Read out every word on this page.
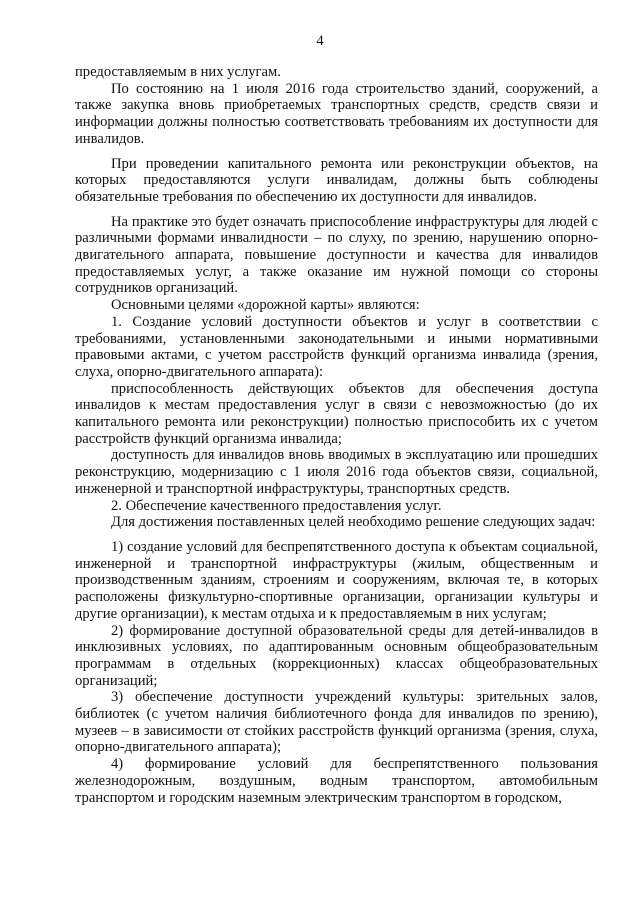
4

предоставляемым в них услугам.

По состоянию на 1 июля 2016 года строительство зданий, сооружений, а также закупка вновь приобретаемых транспортных средств, средств связи и информации должны полностью соответствовать требованиям их доступности для инвалидов.

При проведении капитального ремонта или реконструкции объектов, на которых предоставляются услуги инвалидам, должны быть соблюдены обязательные требования по обеспечению их доступности для инвалидов.

На практике это будет означать приспособление инфраструктуры для людей с различными формами инвалидности – по слуху, по зрению, нарушению опорно-двигательного аппарата, повышение доступности и качества для инвалидов предоставляемых услуг, а также оказание им нужной помощи со стороны сотрудников организаций.

Основными целями «дорожной карты» являются:

1. Создание условий доступности объектов и услуг в соответствии с требованиями, установленными законодательными и иными нормативными правовыми актами, с учетом расстройств функций организма инвалида (зрения, слуха, опорно-двигательного аппарата):

приспособленность действующих объектов для обеспечения доступа инвалидов к местам предоставления услуг в связи с невозможностью (до их капитального ремонта или реконструкции) полностью приспособить их с учетом расстройств функций организма инвалида;

доступность для инвалидов вновь вводимых в эксплуатацию или прошедших реконструкцию, модернизацию с 1 июля 2016 года объектов связи, социальной, инженерной и транспортной инфраструктуры, транспортных средств.

2. Обеспечение качественного предоставления услуг.

Для достижения поставленных целей необходимо решение следующих задач:

1) создание условий для беспрепятственного доступа к объектам социальной, инженерной и транспортной инфраструктуры (жилым, общественным и производственным зданиям, строениям и сооружениям, включая те, в которых расположены физкультурно-спортивные организации, организации культуры и другие организации), к местам отдыха и к предоставляемым в них услугам;

2) формирование доступной образовательной среды для детей-инвалидов в инклюзивных условиях, по адаптированным основным общеобразовательным программам в отдельных (коррекционных) классах общеобразовательных организаций;

3) обеспечение доступности учреждений культуры: зрительных залов, библиотек (с учетом наличия библиотечного фонда для инвалидов по зрению), музеев – в зависимости от стойких расстройств функций организма (зрения, слуха, опорно-двигательного аппарата);

4) формирование условий для беспрепятственного пользования железнодорожным, воздушным, водным транспортом, автомобильным транспортом и городским наземным электрическим транспортом в городском,
